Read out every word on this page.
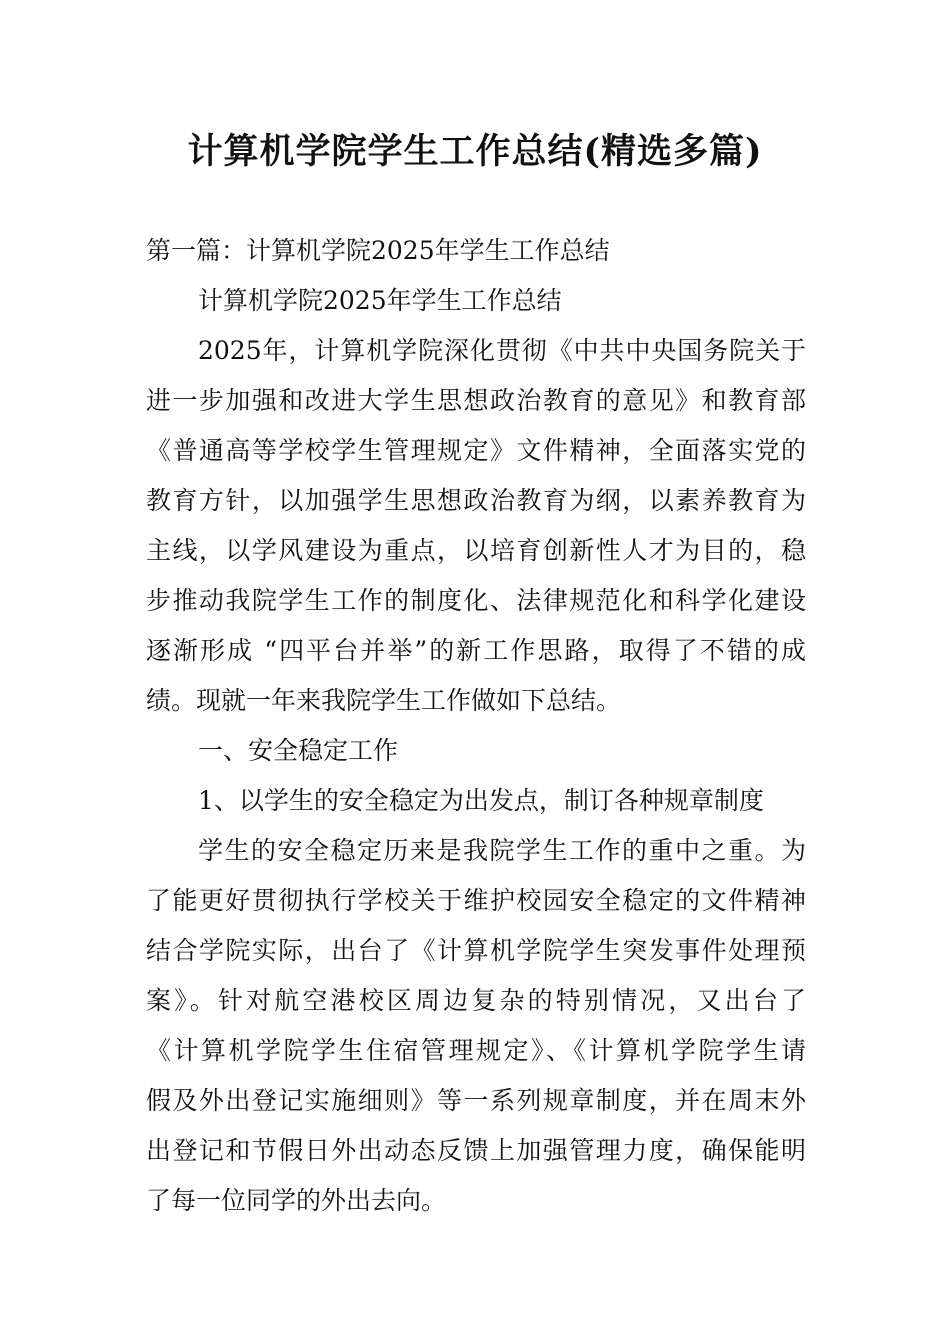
计算机学院学生工作总结(精选多篇)

第一篇：计算机学院2025年学生工作总结

计算机学院2025年学生工作总结

2025年，计算机学院深化贯彻《中共中央国务院关于

进一步加强和改进大学生思想政治教育的意见》和教育部

《普通高等学校学生管理规定》文件精神，全面落实党的

教育方针，以加强学生思想政治教育为纲，以素养教育为

主线，以学风建设为重点，以培育创新性人才为目的，稳

步推动我院学生工作的制度化、法律规范化和科学化建设

逐渐形成 “四平台并举”的新工作思路，取得了不错的成

绩。现就一年来我院学生工作做如下总结。

一、安全稳定工作

1、以学生的安全稳定为出发点，制订各种规章制度

学生的安全稳定历来是我院学生工作的重中之重。为

了能更好贯彻执行学校关于维护校园安全稳定的文件精神

结合学院实际，出台了《计算机学院学生突发事件处理预

案》。针对航空港校区周边复杂的特别情况，又出台了

《计算机学院学生住宿管理规定》、《计算机学院学生请

假及外出登记实施细则》等一系列规章制度，并在周末外

出登记和节假日外出动态反馈上加强管理力度，确保能明

了每一位同学的外出去向。
